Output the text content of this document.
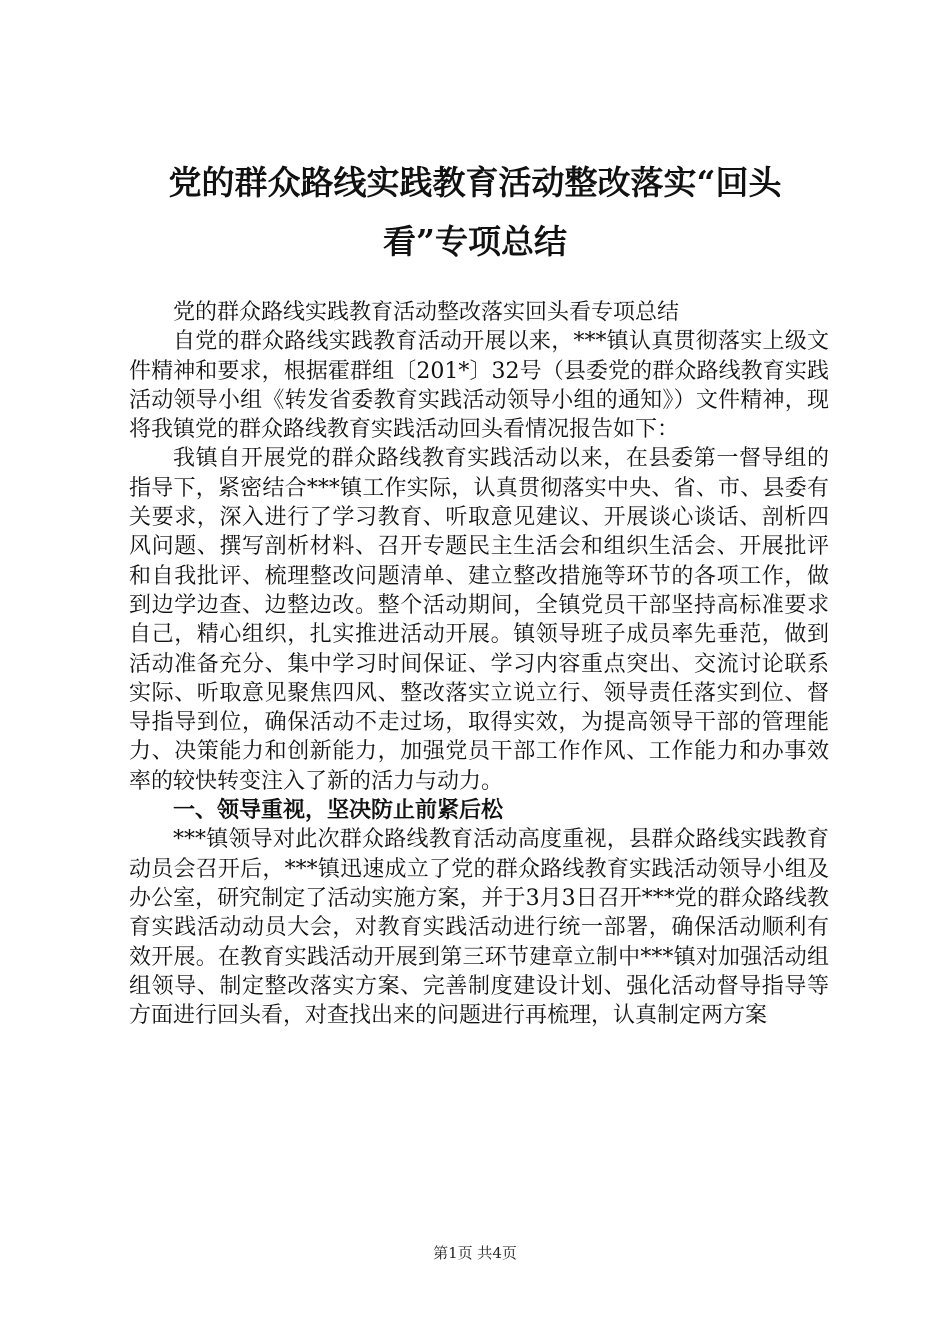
党的群众路线实践教育活动整改落实“回头
看”专项总结

党的群众路线实践教育活动整改落实回头看专项总结

自党的群众路线实践教育活动开展以来，***镇认真贯彻落实上级文件精神和要求，根据霍群组〔201*〕32号（县委党的群众路线教育实践活动领导小组《转发省委教育实践活动领导小组的通知》）文件精神，现将我镇党的群众路线教育实践活动回头看情况报告如下：

我镇自开展党的群众路线教育实践活动以来，在县委第一督导组的指导下，紧密结合***镇工作实际，认真贯彻落实中央、省、市、县委有关要求，深入进行了学习教育、听取意见建议、开展谈心谈话、剖析四风问题、撰写剖析材料、召开专题民主生活会和组织生活会、开展批评和自我批评、梳理整改问题清单、建立整改措施等环节的各项工作，做到边学边查、边整边改。整个活动期间，全镇党员干部坚持高标准要求自己，精心组织，扎实推进活动开展。镇领导班子成员率先垂范，做到活动准备充分、集中学习时间保证、学习内容重点突出、交流讨论联系实际、听取意见聚焦四风、整改落实立说立行、领导责任落实到位、督导指导到位，确保活动不走过场，取得实效，为提高领导干部的管理能力、决策能力和创新能力，加强党员干部工作作风、工作能力和办事效率的较快转变注入了新的活力与动力。

一、领导重视，坚决防止前紧后松

***镇领导对此次群众路线教育活动高度重视，县群众路线实践教育动员会召开后，***镇迅速成立了党的群众路线教育实践活动领导小组及办公室，研究制定了活动实施方案，并于3月3日召开***党的群众路线教育实践活动动员大会，对教育实践活动进行统一部署，确保活动顺利有效开展。在教育实践活动开展到第三环节建章立制中***镇对加强活动组组领导、制定整改落实方案、完善制度建设计划、强化活动督导指导等方面进行回头看，对查找出来的问题进行再梳理，认真制定两方案

第1页 共4页
